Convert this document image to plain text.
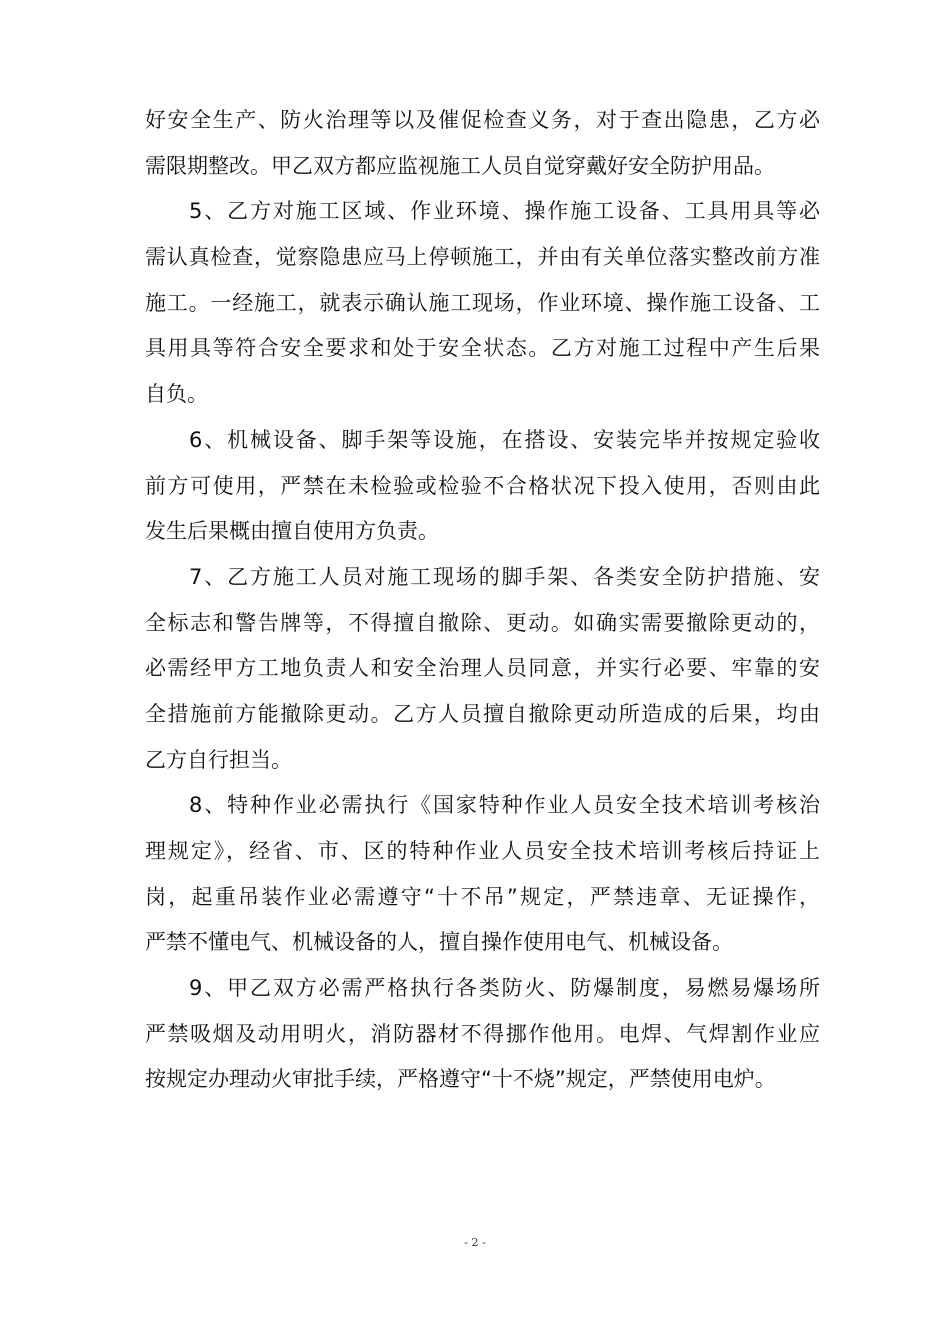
好安全生产、防火治理等以及催促检查义务，对于查出隐患，乙方必
需限期整改。甲乙双方都应监视施工人员自觉穿戴好安全防护用品。
5、乙方对施工区域、作业环境、操作施工设备、工具用具等必
需认真检查，觉察隐患应马上停顿施工，并由有关单位落实整改前方准
施工。一经施工，就表示确认施工现场，作业环境、操作施工设备、工
具用具等符合安全要求和处于安全状态。乙方对施工过程中产生后果
自负。
6、机械设备、脚手架等设施，在搭设、安装完毕并按规定验收
前方可使用，严禁在未检验或检验不合格状况下投入使用，否则由此
发生后果概由擅自使用方负责。
7、乙方施工人员对施工现场的脚手架、各类安全防护措施、安
全标志和警告牌等，不得擅自撤除、更动。如确实需要撤除更动的，
必需经甲方工地负责人和安全治理人员同意，并实行必要、牢靠的安
全措施前方能撤除更动。乙方人员擅自撤除更动所造成的后果，均由
乙方自行担当。
8、特种作业必需执行《国家特种作业人员安全技术培训考核治
理规定》，经省、市、区的特种作业人员安全技术培训考核后持证上
岗，起重吊装作业必需遵守“十不吊”规定，严禁违章、无证操作，
严禁不懂电气、机械设备的人，擅自操作使用电气、机械设备。
9、甲乙双方必需严格执行各类防火、防爆制度，易燃易爆场所
严禁吸烟及动用明火，消防器材不得挪作他用。电焊、气焊割作业应
按规定办理动火审批手续，严格遵守“十不烧”规定，严禁使用电炉。
- 2 -
